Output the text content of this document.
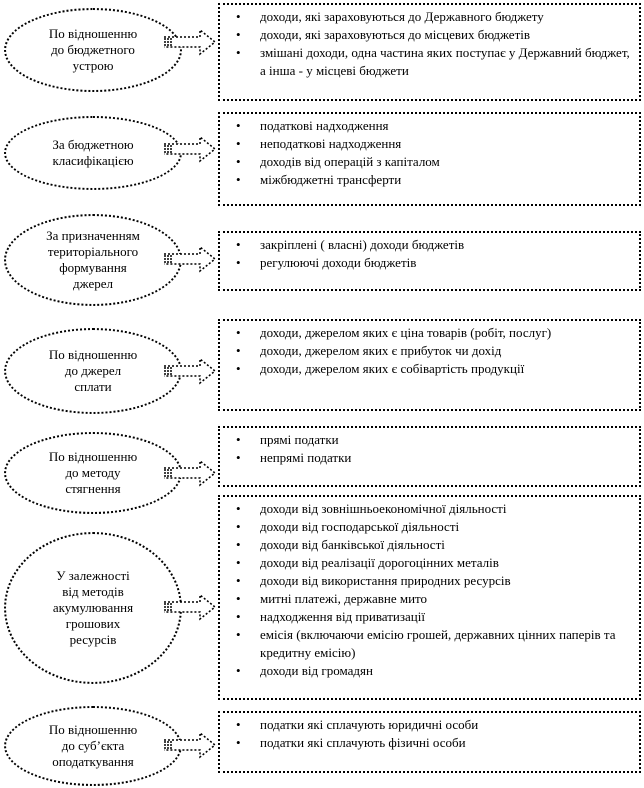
По відношенню
до бюджетного
устрою
• доходи, які зараховуються до Державного бюджету
• доходи, які зараховуються до місцевих бюджетів
• змішані доходи, одна частина яких поступає у Державний бюджет, а інша - у місцеві бюджети
За бюджетною
класифікацією
• податкові надходження
• неподаткові надходження
• доходів від операцій з капіталом
• міжбюджетні трансферти
За призначенням
територіального
формування
джерел
• закріплені ( власні) доходи бюджетів
• регулюючі доходи бюджетів
По відношенню
до джерел
сплати
• доходи, джерелом яких є ціна товарів (робіт, послуг)
• доходи, джерелом яких є прибуток чи дохід
• доходи, джерелом яких є собівартість продукції
По відношенню
до методу
стягнення
• прямі податки
• непрямі податки
У залежності
від методів
акумулювання
грошових
ресурсів
• доходи від зовнішньоекономічної діяльності
• доходи від господарської діяльності
• доходи від банківської діяльності
• доходи від реалізації дорогоцінних металів
• доходи від використання природних ресурсів
• митні платежі, державне мито
• надходження від приватизації
• емісія (включаючи емісію грошей, державних цінних паперів та кредитну емісію)
• доходи від громадян
По відношенню
до суб’єкта
оподаткування
• податки які сплачують юридичні особи
• податки які сплачують фізичні особи
